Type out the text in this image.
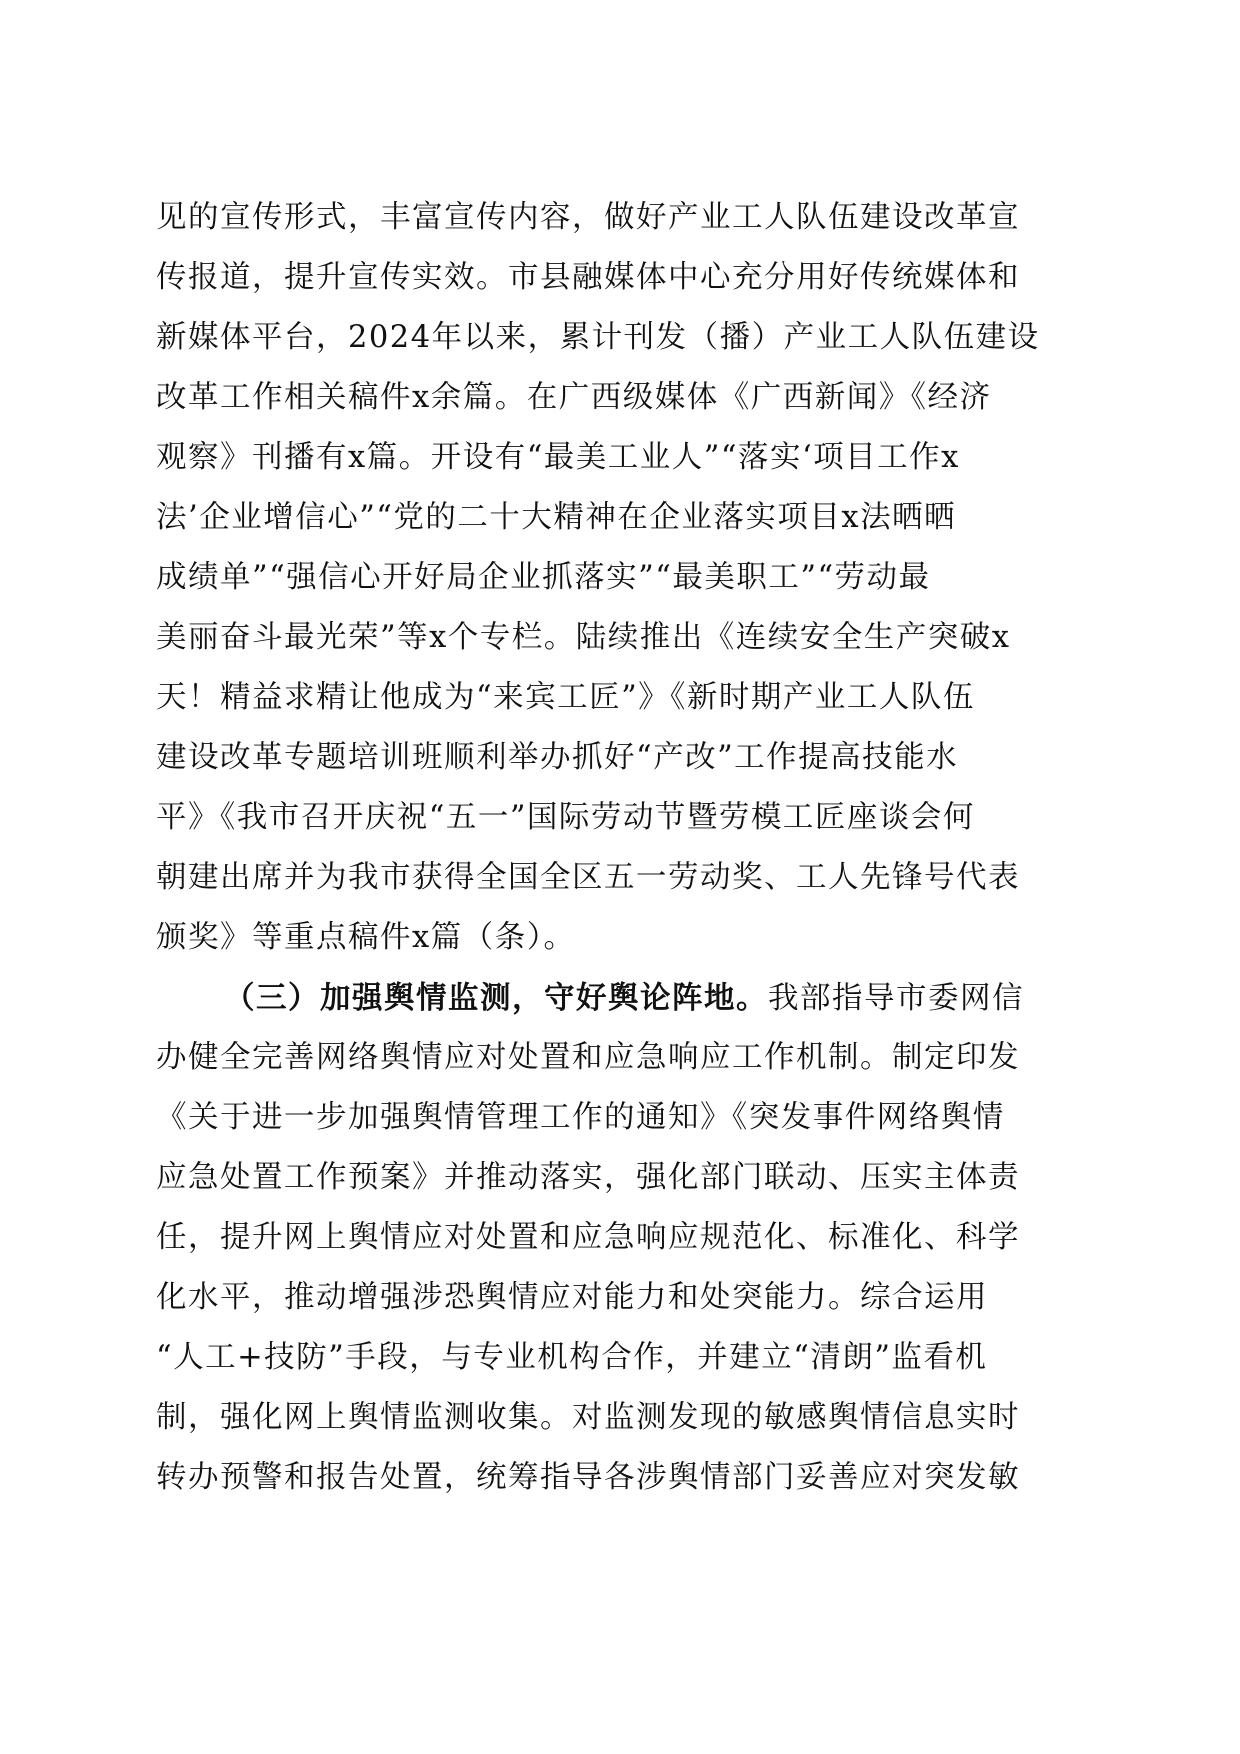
见的宣传形式，丰富宣传内容，做好产业工人队伍建设改革宣
传报道，提升宣传实效。市县融媒体中心充分用好传统媒体和
新媒体平台，2024年以来，累计刊发（播）产业工人队伍建设
改革工作相关稿件x余篇。在广西级媒体《广西新闻》《经济
观察》刊播有x篇。开设有“最美工业人”“落实‘项目工作x
法’企业增信心”“党的二十大精神在企业落实项目x法晒晒
成绩单”“强信心开好局企业抓落实”“最美职工”“劳动最
美丽奋斗最光荣”等x个专栏。陆续推出《连续安全生产突破x
天！精益求精让他成为“来宾工匠”》《新时期产业工人队伍
建设改革专题培训班顺利举办抓好“产改”工作提高技能水
平》《我市召开庆祝“五一”国际劳动节暨劳模工匠座谈会何
朝建出席并为我市获得全国全区五一劳动奖、工人先锋号代表
颁奖》等重点稿件x篇（条）。
（三）加强舆情监测，守好舆论阵地。我部指导市委网信
办健全完善网络舆情应对处置和应急响应工作机制。制定印发
《关于进一步加强舆情管理工作的通知》《突发事件网络舆情
应急处置工作预案》并推动落实，强化部门联动、压实主体责
任，提升网上舆情应对处置和应急响应规范化、标准化、科学
化水平，推动增强涉恐舆情应对能力和处突能力。综合运用
“人工+技防”手段，与专业机构合作，并建立“清朗”监看机
制，强化网上舆情监测收集。对监测发现的敏感舆情信息实时
转办预警和报告处置，统筹指导各涉舆情部门妥善应对突发敏
